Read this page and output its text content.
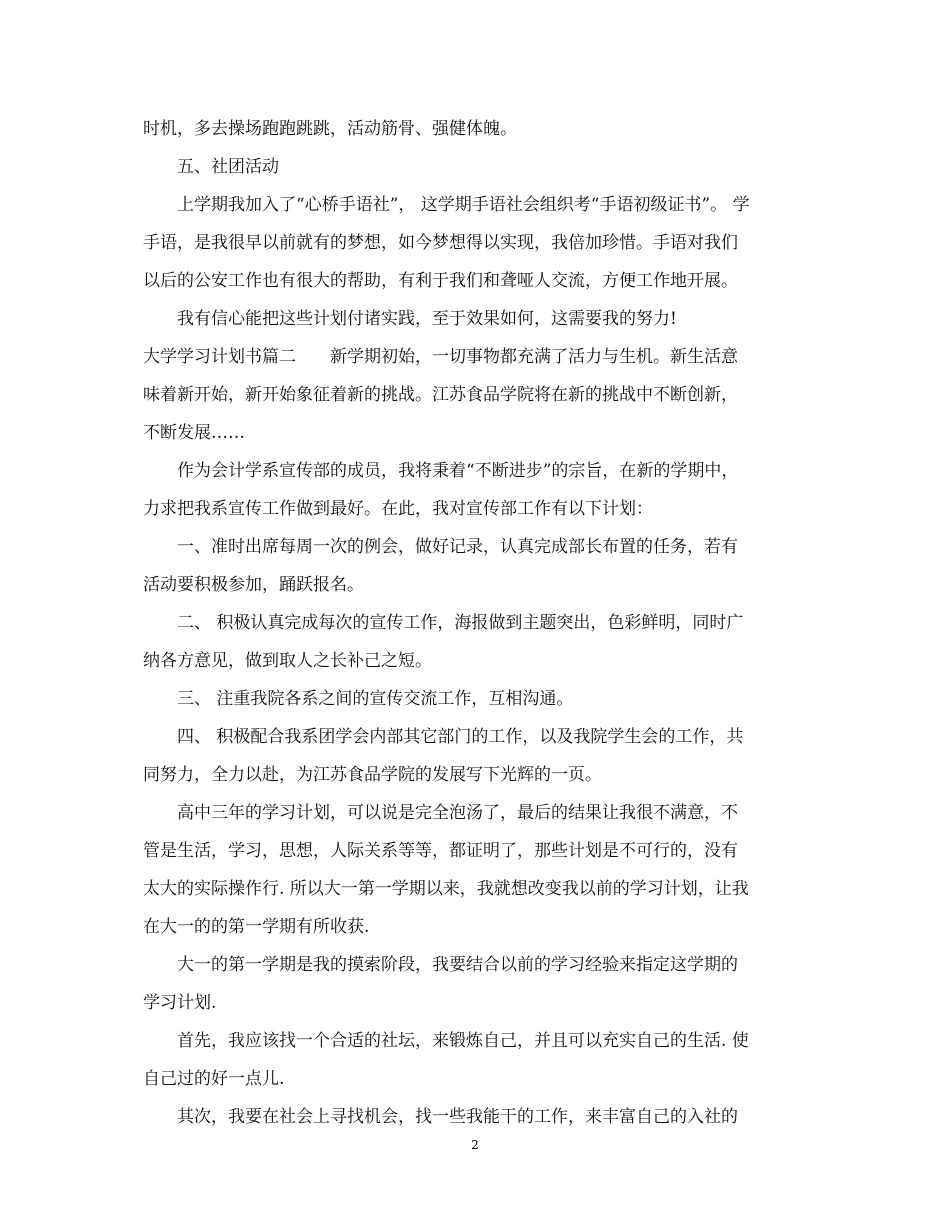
时机，多去操场跑跑跳跳，活动筋骨、强健体魄。
五、社团活动
上学期我加入了“心桥手语社”， 这学期手语社会组织考“手语初级证书”。 学
手语，是我很早以前就有的梦想，如今梦想得以实现，我倍加珍惜。手语对我们
以后的公安工作也有很大的帮助，有利于我们和聋哑人交流，方便工作地开展。
我有信心能把这些计划付诸实践，至于效果如何，这需要我的努力!
大学学习计划书篇二　　新学期初始，一切事物都充满了活力与生机。新生活意
味着新开始，新开始象征着新的挑战。江苏食品学院将在新的挑战中不断创新，
不断发展……
作为会计学系宣传部的成员，我将秉着“不断进步”的宗旨，在新的学期中，
力求把我系宣传工作做到最好。在此，我对宣传部工作有以下计划：
一、准时出席每周一次的例会，做好记录，认真完成部长布置的任务，若有
活动要积极参加，踊跃报名。
二、 积极认真完成每次的宣传工作，海报做到主题突出，色彩鲜明，同时广
纳各方意见，做到取人之长补己之短。
三、 注重我院各系之间的宣传交流工作，互相沟通。
四、 积极配合我系团学会内部其它部门的工作，以及我院学生会的工作，共
同努力，全力以赴，为江苏食品学院的发展写下光辉的一页。
高中三年的学习计划，可以说是完全泡汤了，最后的结果让我很不满意，不
管是生活，学习，思想，人际关系等等，都证明了，那些计划是不可行的，没有
太大的实际操作行. 所以大一第一学期以来，我就想改变我以前的学习计划，让我
在大一的的第一学期有所收获.
大一的第一学期是我的摸索阶段，我要结合以前的学习经验来指定这学期的
学习计划.
首先，我应该找一个合适的社坛，来锻炼自己，并且可以充实自己的生活. 使
自己过的好一点儿.
其次，我要在社会上寻找机会，找一些我能干的工作，来丰富自己的入社的
2
